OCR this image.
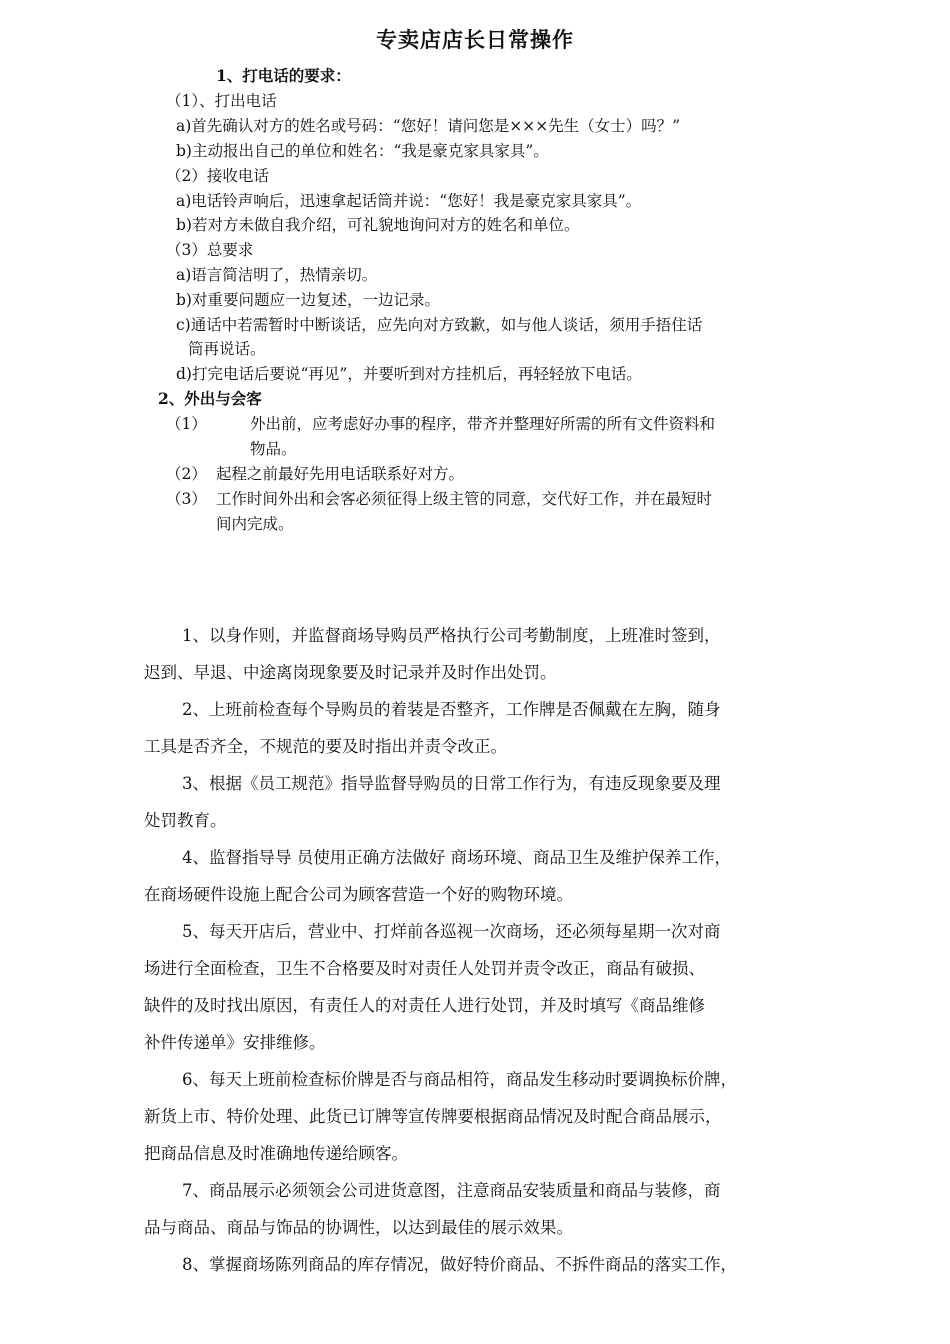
专卖店店长日常操作
1、打电话的要求：
（1）、打出电话
a)首先确认对方的姓名或号码：“您好！请问您是×××先生（女士）吗？”
b)主动报出自己的单位和姓名：“我是豪克家具家具”。
（2）接收电话
a)电话铃声响后，迅速拿起话筒并说：“您好！我是豪克家具家具”。
b)若对方未做自我介绍，可礼貌地询问对方的姓名和单位。
（3）总要求
a)语言简洁明了，热情亲切。
b)对重要问题应一边复述，一边记录。
c)通话中若需暂时中断谈话，应先向对方致歉，如与他人谈话，须用手捂住话
筒再说话。
d)打完电话后要说“再见”，并要听到对方挂机后，再轻轻放下电话。
2、外出与会客
（1）	外出前，应考虑好办事的程序，带齐并整理好所需的所有文件资料和
物品。
（2） 起程之前最好先用电话联系好对方。
（3） 工作时间外出和会客必须征得上级主管的同意，交代好工作，并在最短时
间内完成。
1、以身作则，并监督商场导购员严格执行公司考勤制度，上班准时签到，
迟到、早退、中途离岗现象要及时记录并及时作出处罚。
2、上班前检查每个导购员的着装是否整齐，工作牌是否佩戴在左胸，随身
工具是否齐全，不规范的要及时指出并责令改正。
3、根据《员工规范》指导监督导购员的日常工作行为，有违反现象要及理
处罚教育。
4、监督指导导 员使用正确方法做好 商场环境、商品卫生及维护保养工作，
在商场硬件设施上配合公司为顾客营造一个好的购物环境。
5、每天开店后，营业中、打烊前各巡视一次商场，还必须每星期一次对商
场进行全面检查，卫生不合格要及时对责任人处罚并责令改正，商品有破损、
缺件的及时找出原因，有责任人的对责任人进行处罚，并及时填写《商品维修
补件传递单》安排维修。
6、每天上班前检查标价牌是否与商品相符，商品发生移动时要调换标价牌，
新货上市、特价处理、此货已订牌等宣传牌要根据商品情况及时配合商品展示，
把商品信息及时准确地传递给顾客。
7、商品展示必须领会公司进货意图，注意商品安装质量和商品与装修，商
品与商品、商品与饰品的协调性，以达到最佳的展示效果。
8、掌握商场陈列商品的库存情况，做好特价商品、不拆件商品的落实工作，
